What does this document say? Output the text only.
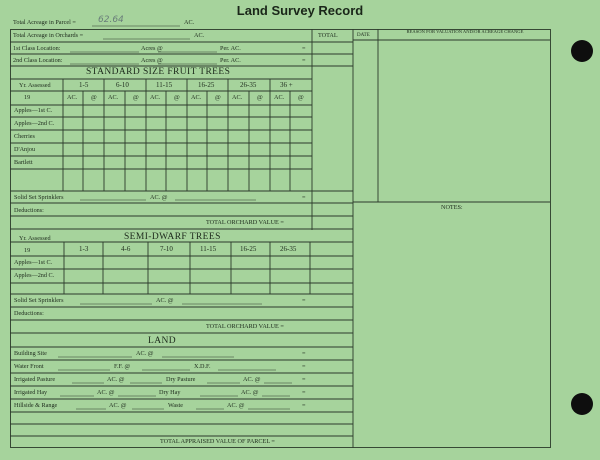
Land Survey Record
Total Acreage in Parcel = 62.64	AC.
Total Acreage in Orchards =	AC.
1st Class Location:	Acres @	Per. AC.	=
2nd Class Location:	Acres @	Per. AC.	=
TOTAL	DATE
REASON FOR VALUATION AND/OR ACREAGE CHANGE
NOTES:
STANDARD SIZE FRUIT TREES
Yr. Assessed	1-5	6-10	11-15	16-25	26-35	36 +
19	AC. @ AC. @ AC. @ AC. @ AC. @ AC. @
Apples—1st C.
Apples—2nd C.
Cherries
D'Anjou
Bartlett
Solid Set Sprinklers	AC. @	=
Deductions:
TOTAL ORCHARD VALUE =
Yr. Assessed	SEMI-DWARF TREES
19	1-3	4-6	7-10	11-15	16-25	26-35
Apples—1st C.
Apples—2nd C.
Solid Set Sprinklers	AC. @	=
Deductions:
TOTAL ORCHARD VALUE =
LAND
Building Site	AC. @	=
Water Front	F.F. @	X.D.F.	=
Irrigated Pasture	AC. @	Dry Pasture	AC. @	=
Irrigated Hay	AC. @	Dry Hay	AC. @	=
Hillside & Range	AC. @	Waste	AC. @	=
TOTAL APPRAISED VALUE OF PARCEL =
